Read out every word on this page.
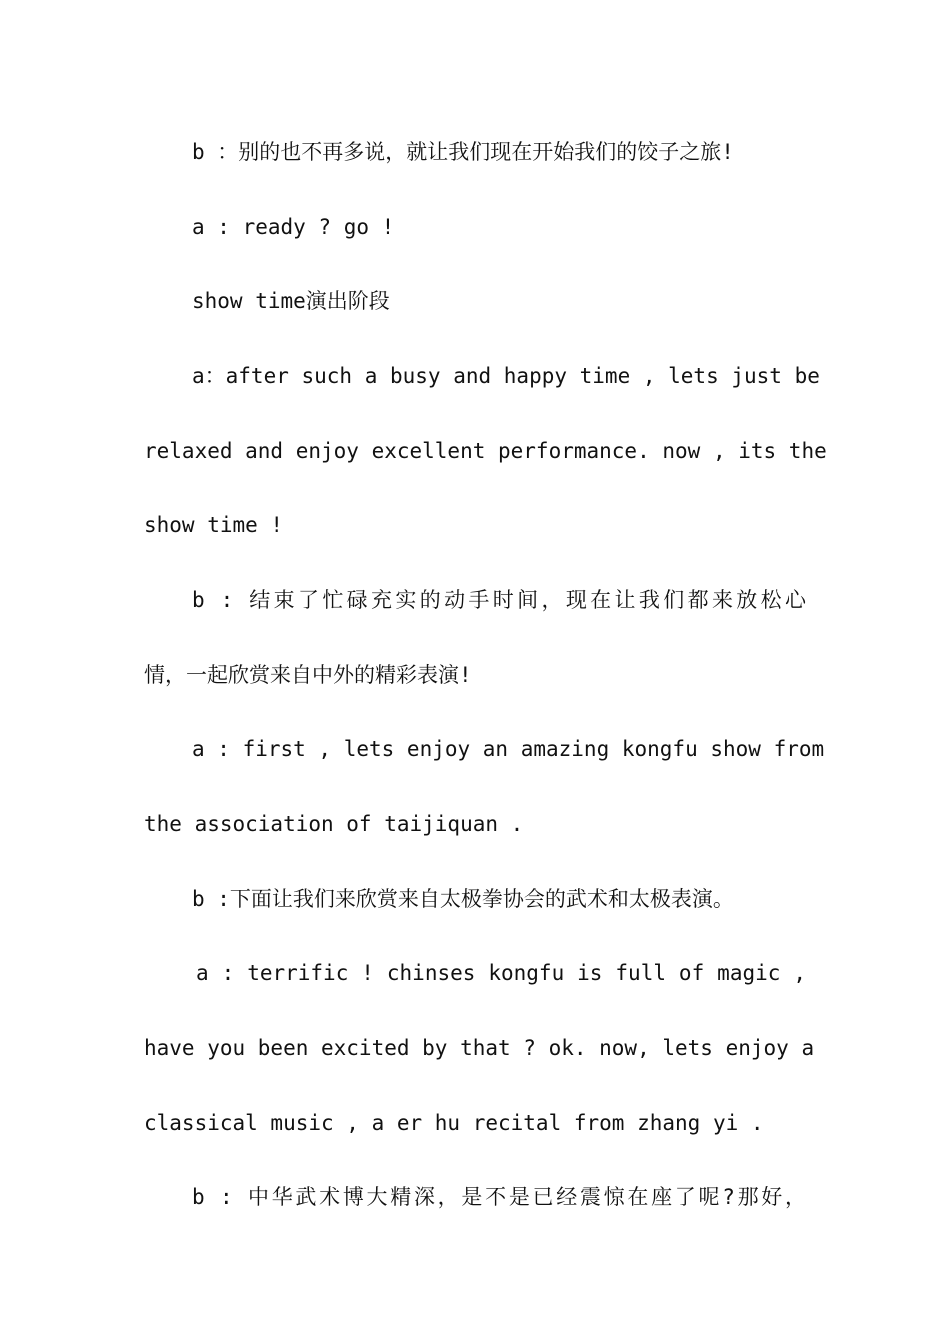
b ：别的也不再多说，就让我们现在开始我们的饺子之旅!
a : ready ? go !
show time演出阶段
a：after such a busy and happy time , lets just be
relaxed and enjoy excellent performance. now , its the
show time !
b : 结束了忙碌充实的动手时间，现在让我们都来放松心
情，一起欣赏来自中外的精彩表演!
a : first , lets enjoy an amazing kongfu show from
the association of taijiquan .
b :下面让我们来欣赏来自太极拳协会的武术和太极表演。
a : terrific ! chinses kongfu is full of magic ,
have you been excited by that ? ok. now, lets enjoy a
classical music , a er hu recital from zhang yi .
b : 中华武术博大精深，是不是已经震惊在座了呢?那好，
